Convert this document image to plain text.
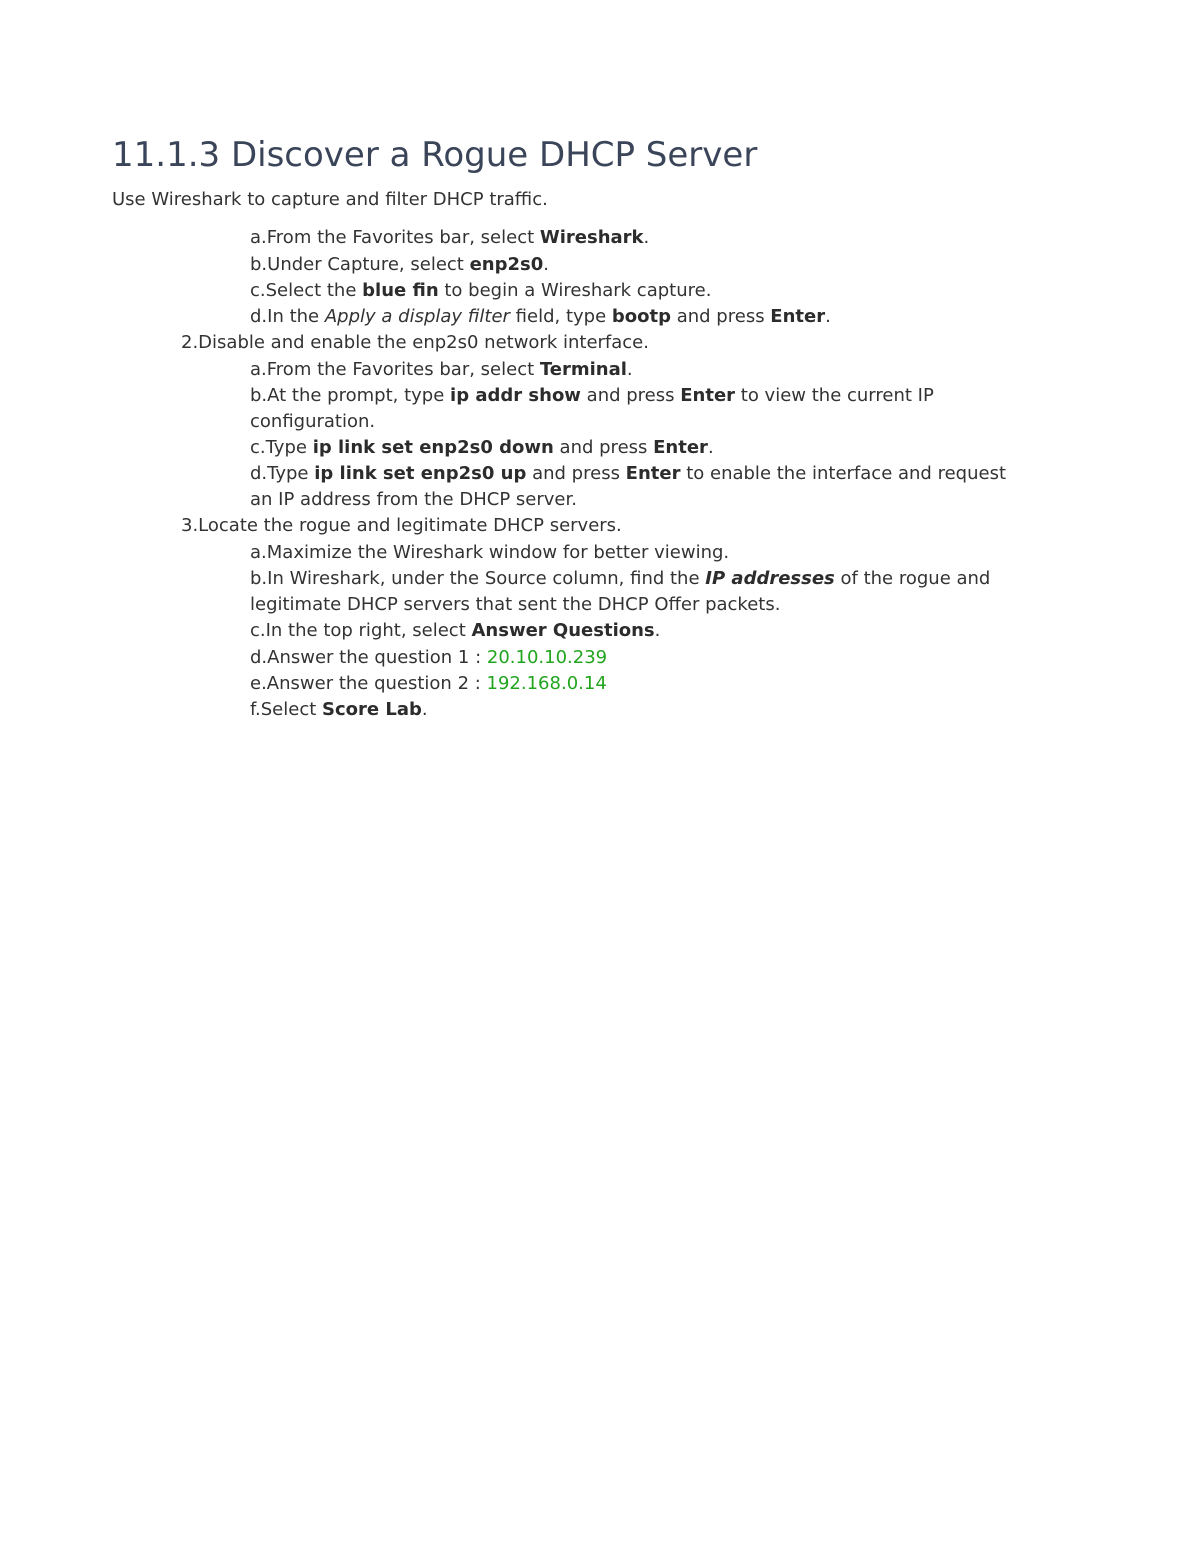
11.1.3 Discover a Rogue DHCP Server
Use Wireshark to capture and filter DHCP traffic.
a.From the Favorites bar, select Wireshark.
b.Under Capture, select enp2s0.
c.Select the blue fin to begin a Wireshark capture.
d.In the Apply a display filter field, type bootp and press Enter.
2.Disable and enable the enp2s0 network interface.
a.From the Favorites bar, select Terminal.
b.At the prompt, type ip addr show and press Enter to view the current IP
configuration.
c.Type ip link set enp2s0 down and press Enter.
d.Type ip link set enp2s0 up and press Enter to enable the interface and request
an IP address from the DHCP server.
3.Locate the rogue and legitimate DHCP servers.
a.Maximize the Wireshark window for better viewing.
b.In Wireshark, under the Source column, find the IP addresses of the rogue and
legitimate DHCP servers that sent the DHCP Offer packets.
c.In the top right, select Answer Questions.
d.Answer the question 1 : 20.10.10.239
e.Answer the question 2 : 192.168.0.14
f.Select Score Lab.
